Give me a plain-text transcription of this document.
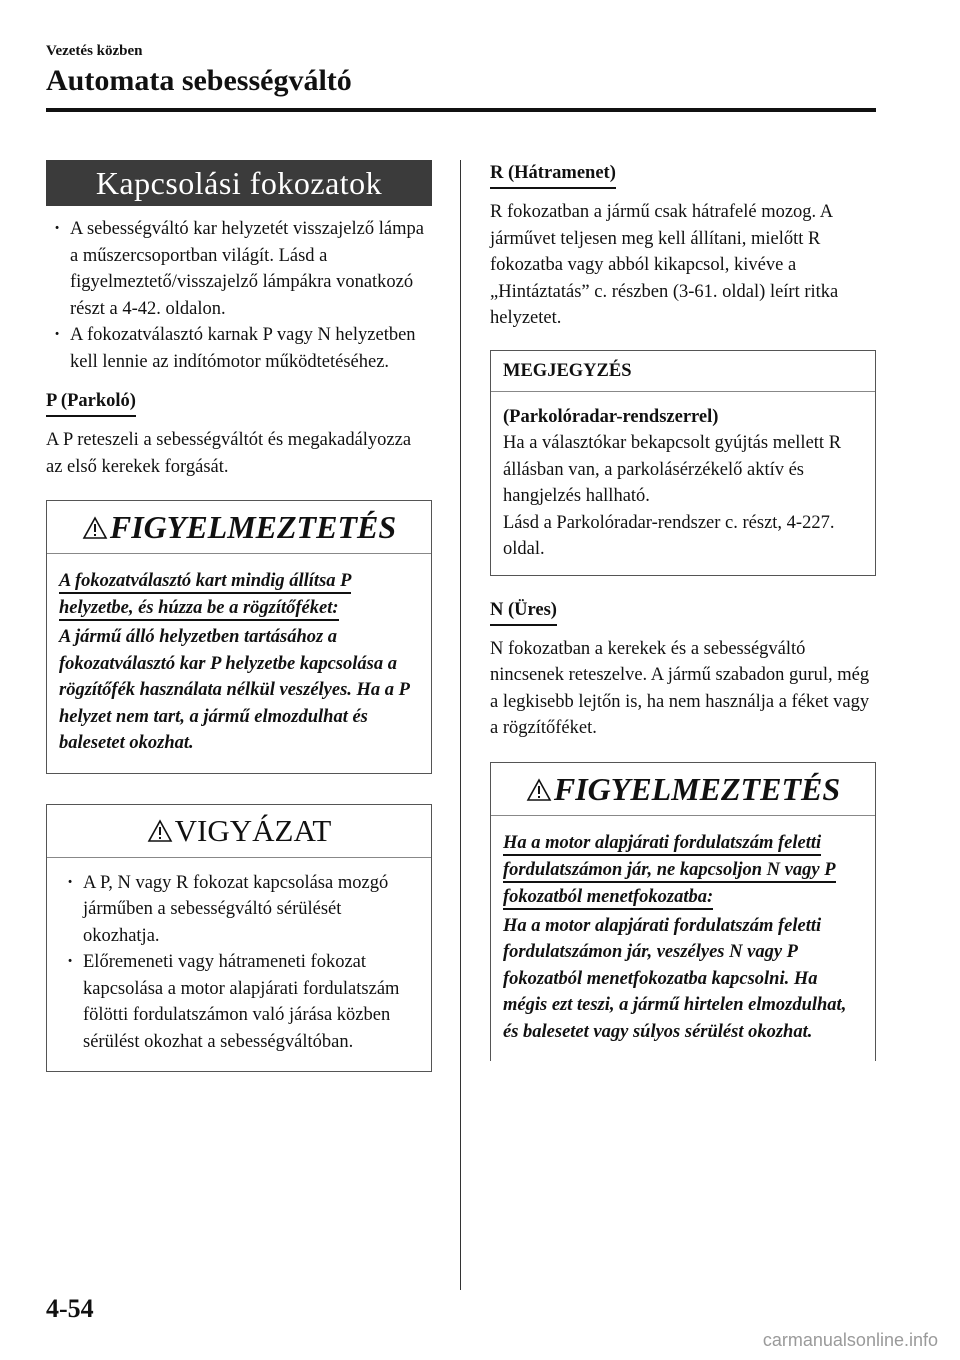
Vezetés közben

Automata sebességváltó

Kapcsolási fokozatok
· A sebességváltó kar helyzetét visszajelző lámpa a műszercsoportban világít. Lásd a figyelmeztető/visszajelző lámpákra vonatkozó részt a 4-42. oldalon.
· A fokozatválasztó karnak P vagy N helyzetben kell lennie az indítómotor működtetéséhez.
P (Parkoló)

A P reteszeli a sebességváltót és megakadályozza az első kerekek forgását.

FIGYELMEZTETÉS
A fokozatválasztó kart mindig állítsa P helyzetbe, és húzza be a rögzítőféket:
A jármű álló helyzetben tartásához a fokozatválasztó kar P helyzetbe kapcsolása a rögzítőfék használata nélkül veszélyes. Ha a P helyzet nem tart, a jármű elmozdulhat és balesetet okozhat.
VIGYÁZAT
· A P, N vagy R fokozat kapcsolása mozgó járműben a sebességváltó sérülését okozhatja.
· Előremeneti vagy hátrameneti fokozat kapcsolása a motor alapjárati fordulatszám fölötti fordulatszámon való járása közben sérülést okozhat a sebességváltóban.
R (Hátramenet)

R fokozatban a jármű csak hátrafelé mozog. A járművet teljesen meg kell állítani, mielőtt R fokozatba vagy abból kikapcsol, kivéve a „Hintáztatás” c. részben (3-61. oldal) leírt ritka helyzetet.

MEGJEGYZÉS
(Parkolóradar-rendszerrel)
Ha a választókar bekapcsolt gyújtás mellett R állásban van, a parkolásérzékelő aktív és hangjelzés hallható.
Lásd a Parkolóradar-rendszer c. részt, 4-227. oldal.
N (Üres)

N fokozatban a kerekek és a sebességváltó nincsenek reteszelve. A jármű szabadon gurul, még a legkisebb lejtőn is, ha nem használja a féket vagy a rögzítőféket.

FIGYELMEZTETÉS
Ha a motor alapjárati fordulatszám feletti fordulatszámon jár, ne kapcsoljon N vagy P fokozatból menetfokozatba:
Ha a motor alapjárati fordulatszám feletti fordulatszámon jár, veszélyes N vagy P fokozatból menetfokozatba kapcsolni. Ha mégis ezt teszi, a jármű hirtelen elmozdulhat, és balesetet vagy súlyos sérülést okozhat.
4-54
carmanualsonline.info
